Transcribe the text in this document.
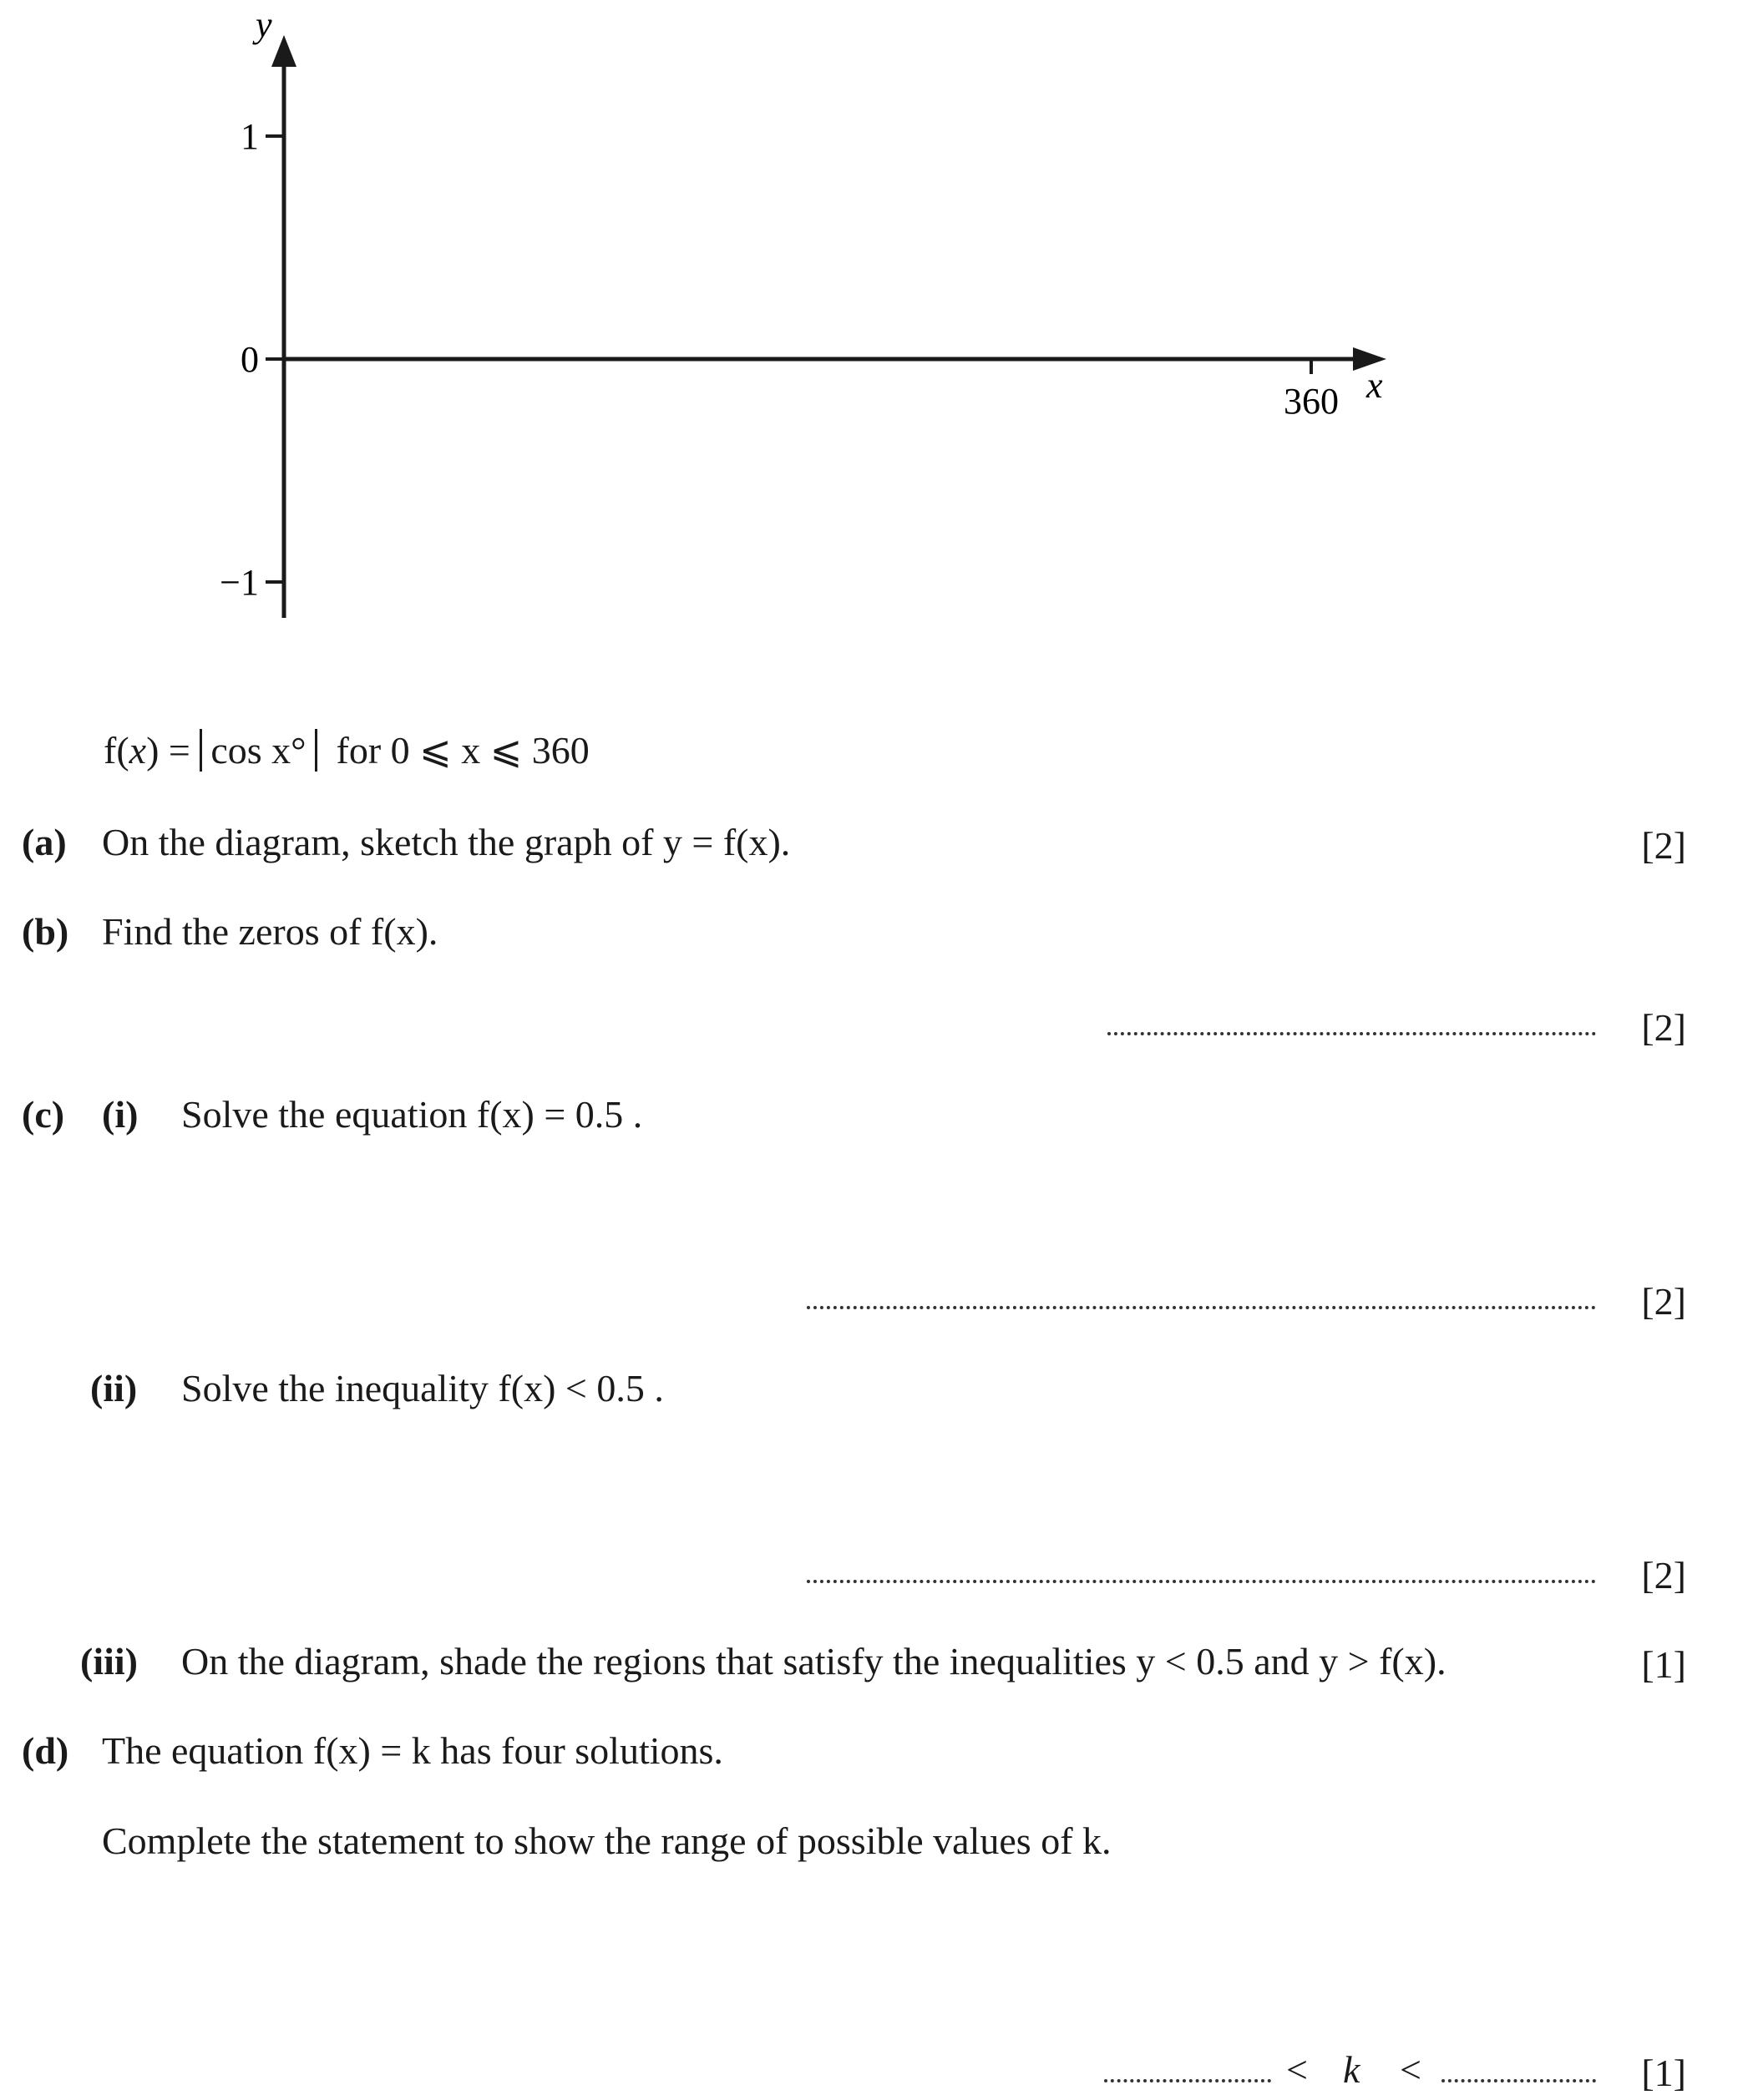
y
x
1
0
−1
360
f(x) = cos x° for 0 ⩽ x ⩽ 360
(a) On the diagram, sketch the graph of y = f(x).	[2]
(b) Find the zeros of f(x).
[2]
(c) (i) Solve the equation f(x) = 0.5 .
[2]
(ii) Solve the inequality f(x) < 0.5 .
[2]
(iii) On the diagram, shade the regions that satisfy the inequalities y < 0.5 and y > f(x).	[1]
(d) The equation f(x) = k has four solutions.
Complete the statement to show the range of possible values of k.
< k <	[1]
